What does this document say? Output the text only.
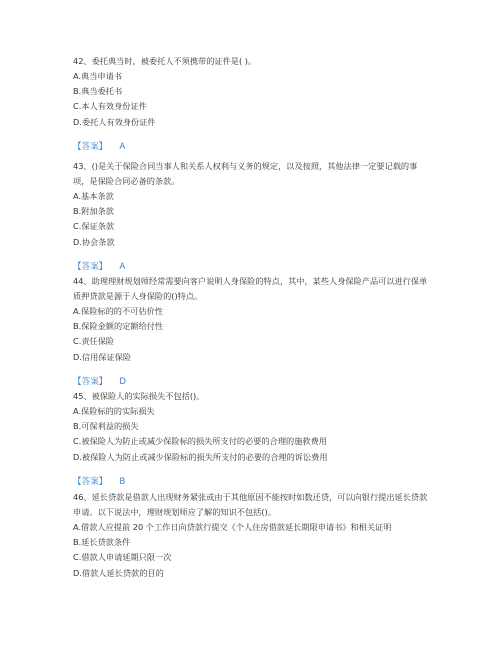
42、委托典当时，被委托人不须携带的证件是( )。

A.典当申请书

B.典当委托书

C.本人有效身份证件

D.委托人有效身份证件

【答案】 A

43、()是关于保险合同当事人和关系人权利与义务的规定，以及按照，其他法律一定要记载的事项，是保险合同必备的条款。

A.基本条款

B.附加条款

C.保证条款

D.协会条款

【答案】 A

44、助理理财规划师经常需要向客户说明人身保险的特点，其中，某些人身保险产品可以进行保单质押贷款是源于人身保险的()特点。

A.保险标的的不可估价性

B.保险金额的定额给付性

C.责任保险

D.信用保证保险

【答案】 D

45、被保险人的实际损失不包括()。

A.保险标的的实际损失

B.可保利益的损失

C.被保险人为防止或减少保险标的损失所支付的必要的合理的施救费用

D.被保险人为防止或减少保险标的损失所支付的必要的合理的诉讼费用

【答案】 B

46、延长贷款是借款人出现财务紧张或由于其他原因不能按时如数还贷，可以向银行提出延长贷款申请。以下说法中，理财规划师应了解的知识不包括()。

A.借款人应提前 20 个工作日向贷款行提交《个人住房借款延长期限申请书》和相关证明

B.延长贷款条件

C.借款人申请延期只限一次

D.借款人延长贷款的目的
